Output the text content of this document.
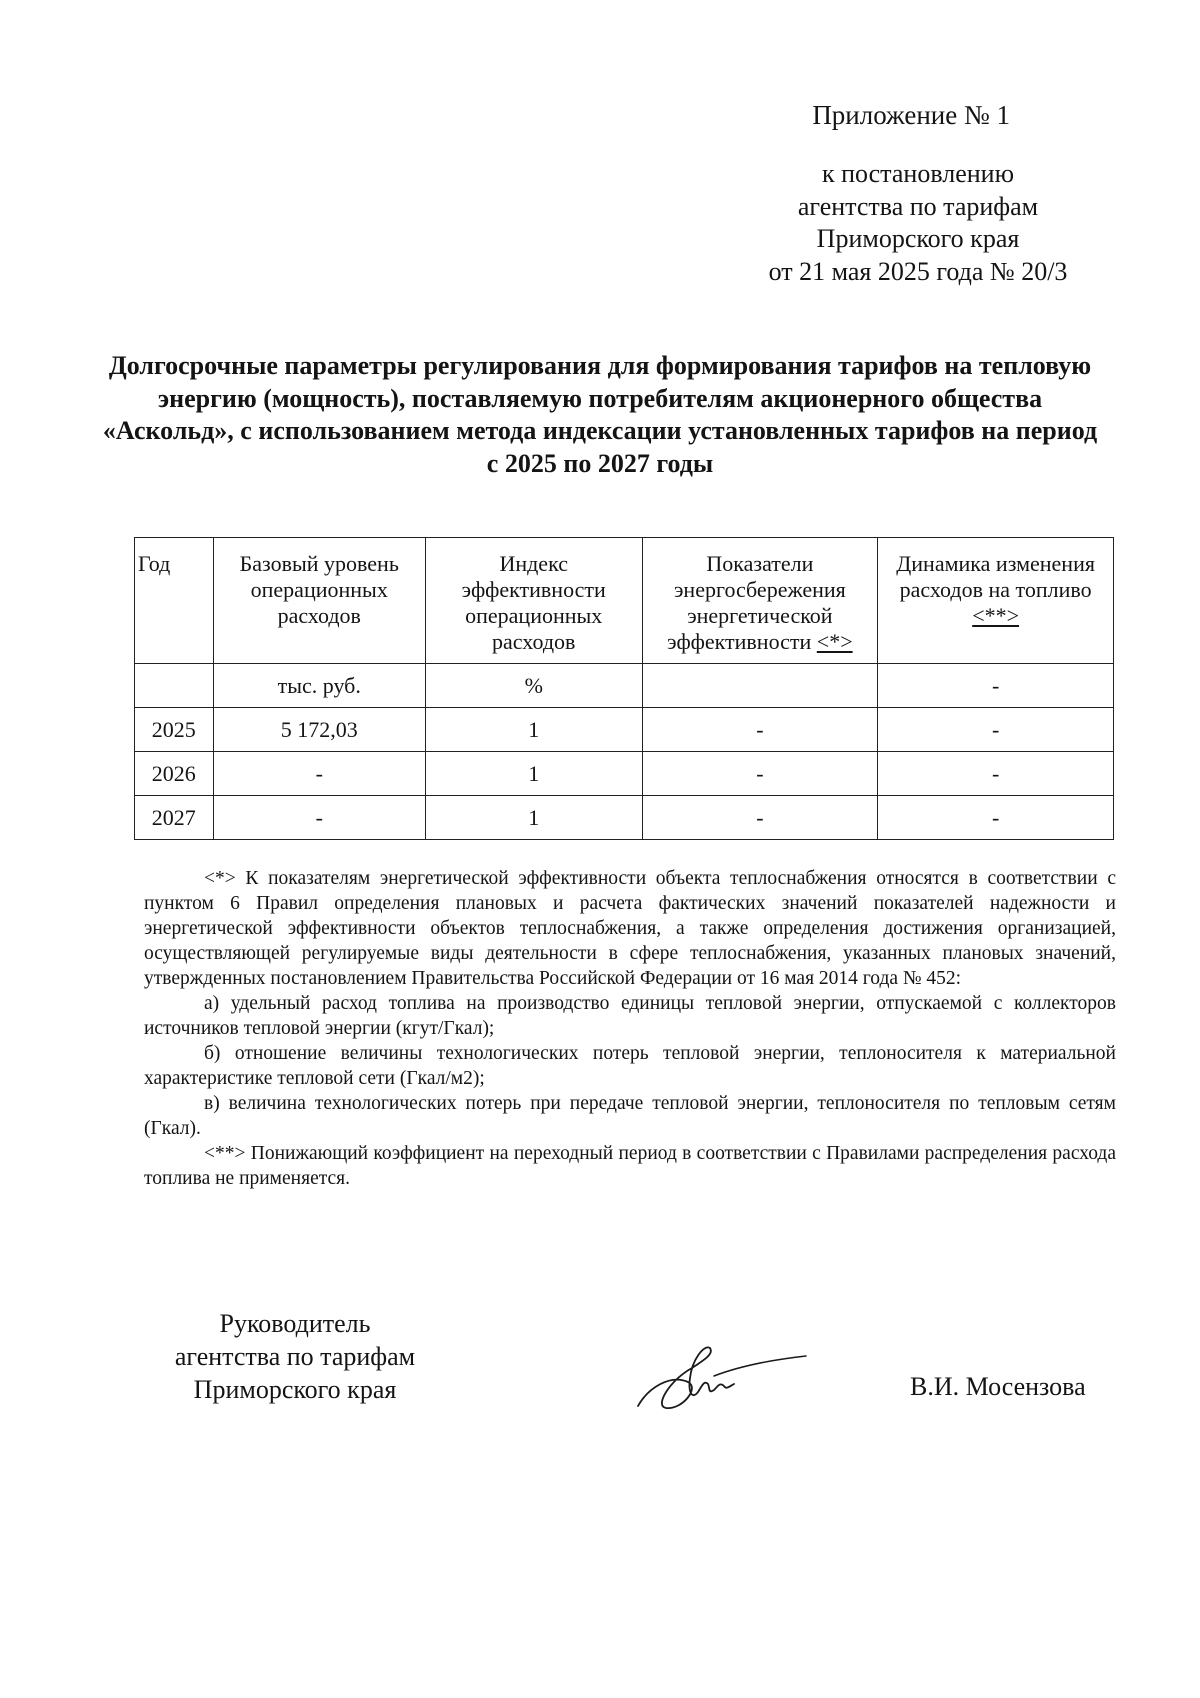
Приложение № 1
к постановлению
агентства по тарифам
Приморского края
от 21 мая 2025 года № 20/3
Долгосрочные параметры регулирования для формирования тарифов на тепловую энергию (мощность), поставляемую потребителям акционерного общества «Аскольд», с использованием метода индексации установленных тарифов на период с 2025 по 2027 годы
Год	Базовый уровень операционных расходов	Индекс эффективности операционных расходов	Показатели энергосбережения энергетической эффективности <*>	Динамика изменения расходов на топливо
<**>
	тыс. руб.	%		-
2025	5 172,03	1	-	-
2026	-	1	-	-
2027	-	1	-	-

<*> К показателям энергетической эффективности объекта теплоснабжения относятся в соответствии с пунктом 6 Правил определения плановых и расчета фактических значений показателей надежности и энергетической эффективности объектов теплоснабжения, а также определения достижения организацией, осуществляющей регулируемые виды деятельности в сфере теплоснабжения, указанных плановых значений, утвержденных постановлением Правительства Российской Федерации от 16 мая 2014 года № 452:

а) удельный расход топлива на производство единицы тепловой энергии, отпускаемой с коллекторов источников тепловой энергии (кгут/Гкал);

б) отношение величины технологических потерь тепловой энергии, теплоносителя к материальной характеристике тепловой сети (Гкал/м2);

в) величина технологических потерь при передаче тепловой энергии, теплоносителя по тепловым сетям (Гкал).

<**> Понижающий коэффициент на переходный период в соответствии с Правилами распределения расхода топлива не применяется.

Руководитель
агентства по тарифам
Приморского края	В.И. Мосензова
